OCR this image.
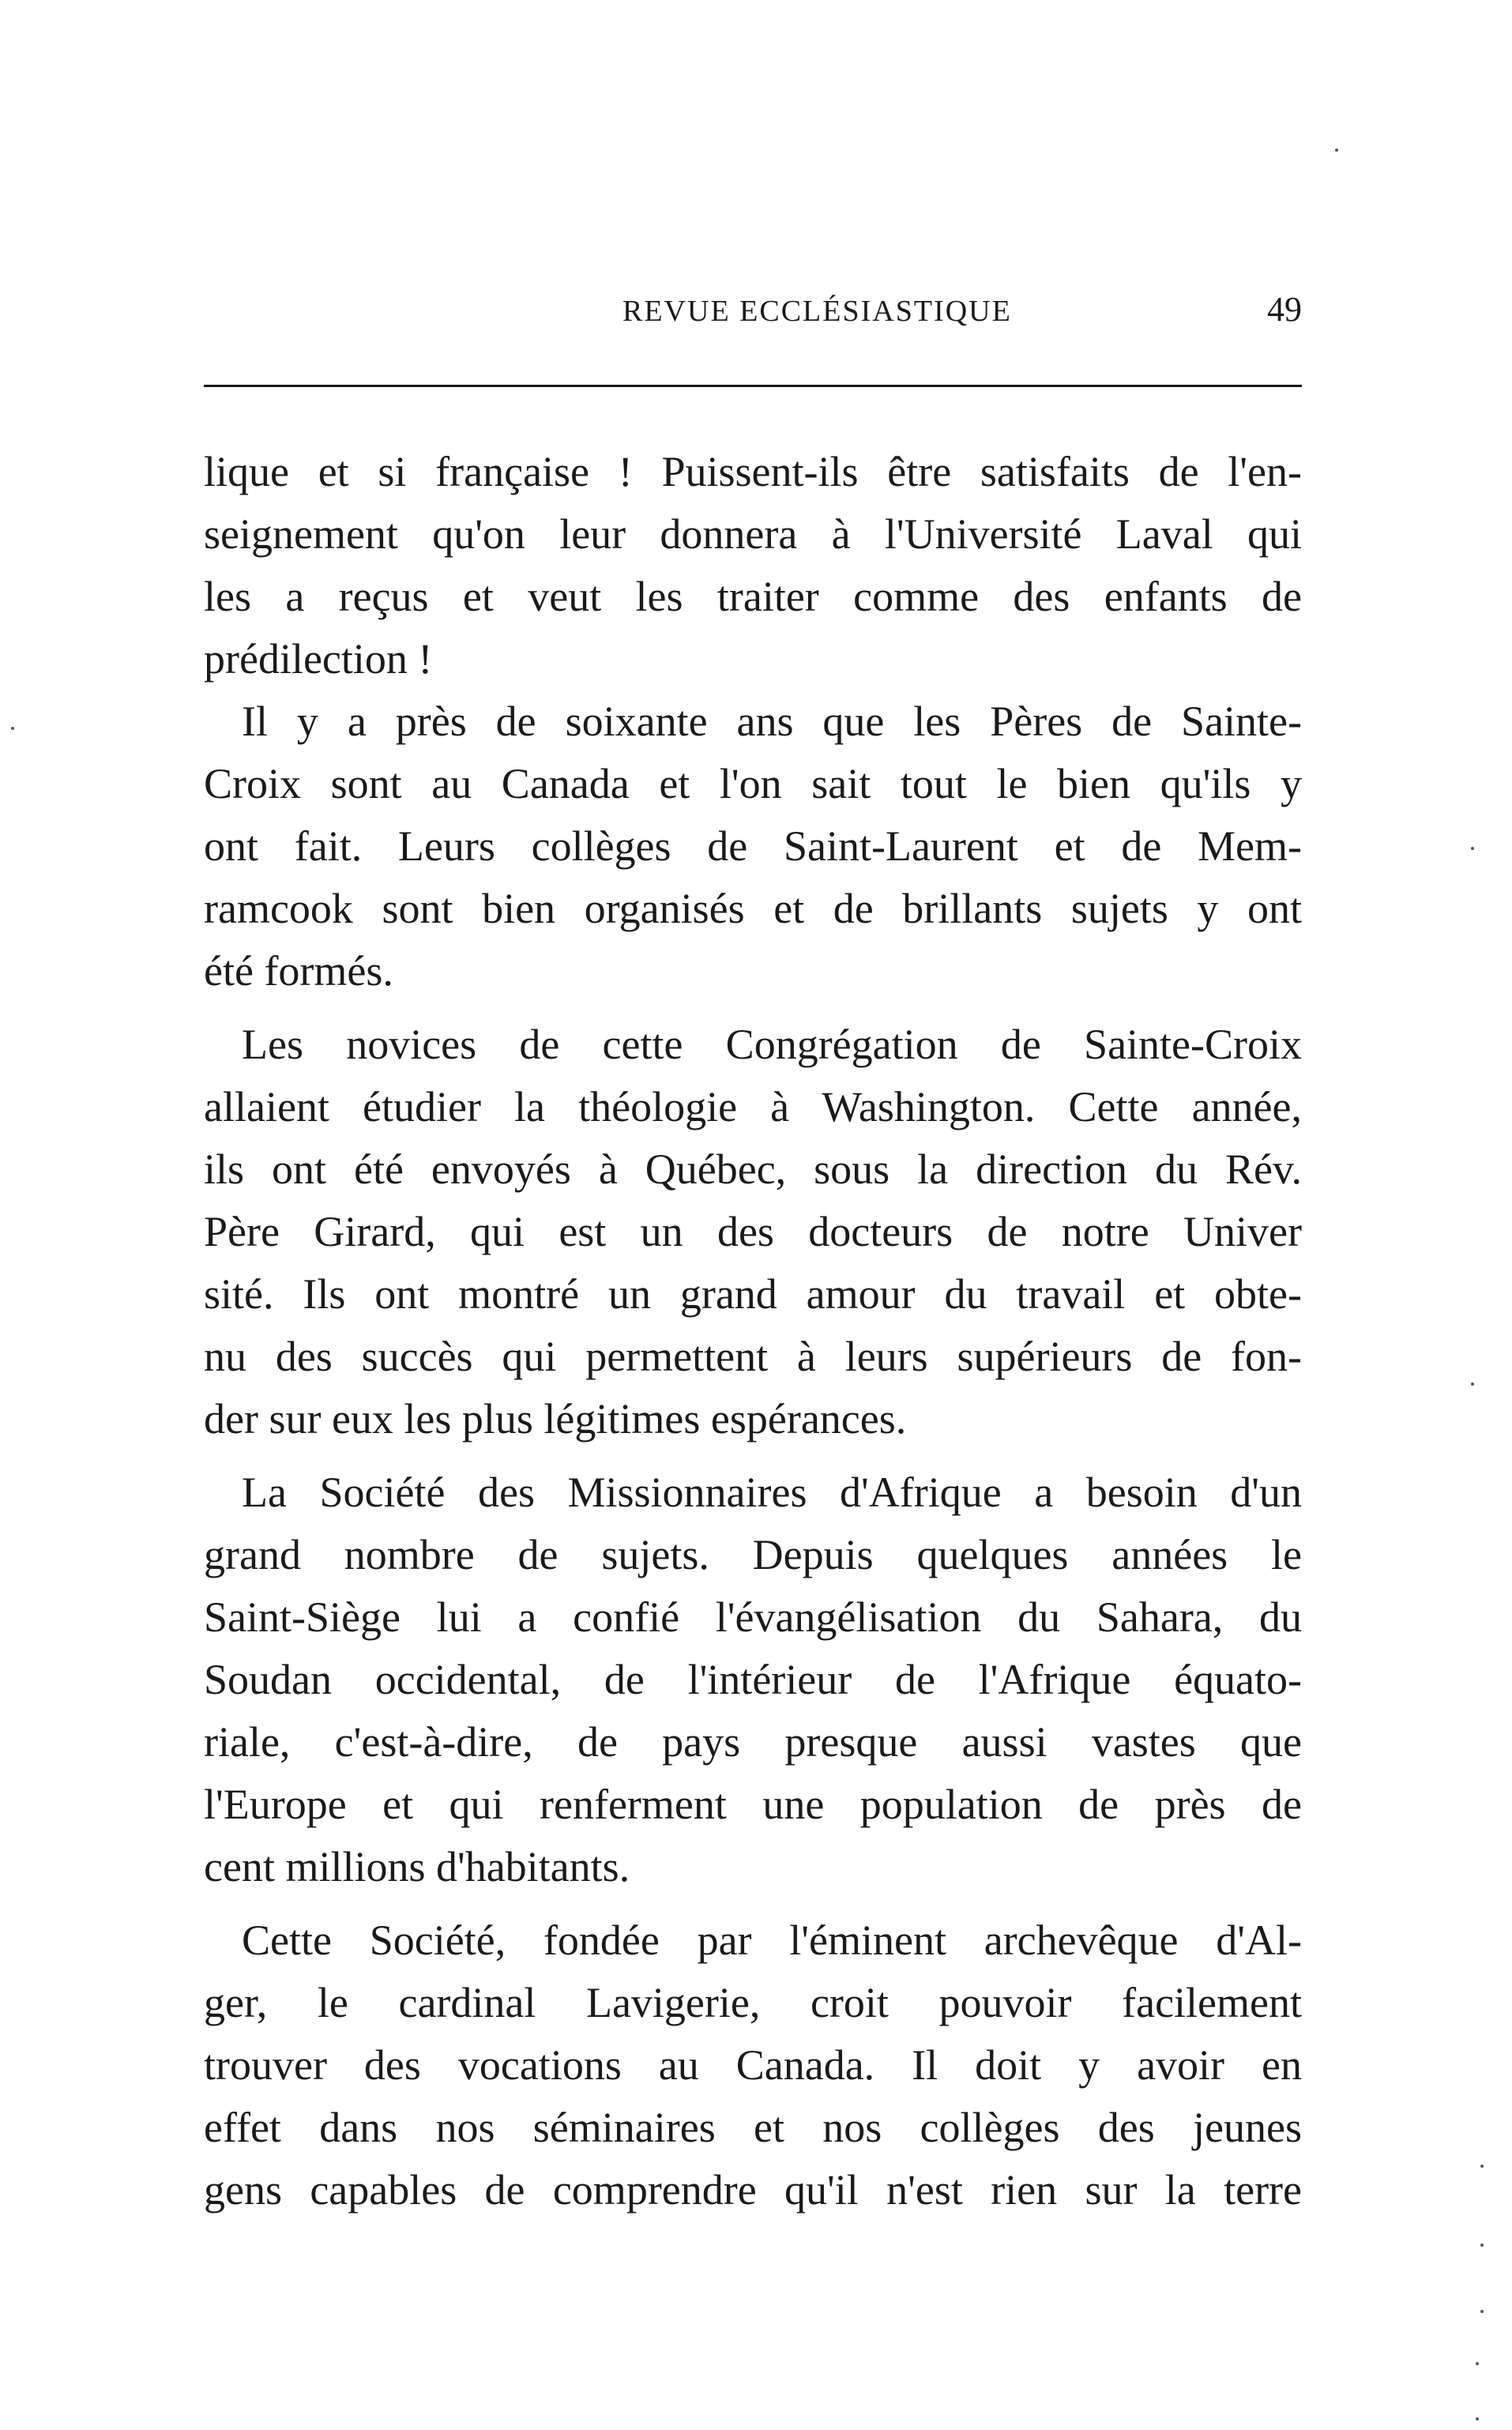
REVUE ECCLÉSIASTIQUE	49
lique et si française ! Puissent-ils être satisfaits de l'en-
seignement qu'on leur donnera à l'Université Laval qui
les a reçus et veut les traiter comme des enfants de
prédilection !
Il y a près de soixante ans que les Pères de Sainte-
Croix sont au Canada et l'on sait tout le bien qu'ils y
ont fait. Leurs collèges de Saint-Laurent et de Mem-
ramcook sont bien organisés et de brillants sujets y ont
été formés.
Les novices de cette Congrégation de Sainte-Croix
allaient étudier la théologie à Washington. Cette année,
ils ont été envoyés à Québec, sous la direction du Rév.
Père Girard, qui est un des docteurs de notre Univer
sité. Ils ont montré un grand amour du travail et obte-
nu des succès qui permettent à leurs supérieurs de fon-
der sur eux les plus légitimes espérances.
La Société des Missionnaires d'Afrique a besoin d'un
grand nombre de sujets. Depuis quelques années le
Saint-Siège lui a confié l'évangélisation du Sahara, du
Soudan occidental, de l'intérieur de l'Afrique équato-
riale, c'est-à-dire, de pays presque aussi vastes que
l'Europe et qui renferment une population de près de
cent millions d'habitants.
Cette Société, fondée par l'éminent archevêque d'Al-
ger, le cardinal Lavigerie, croit pouvoir facilement
trouver des vocations au Canada. Il doit y avoir en
effet dans nos séminaires et nos collèges des jeunes
gens capables de comprendre qu'il n'est rien sur la terre
